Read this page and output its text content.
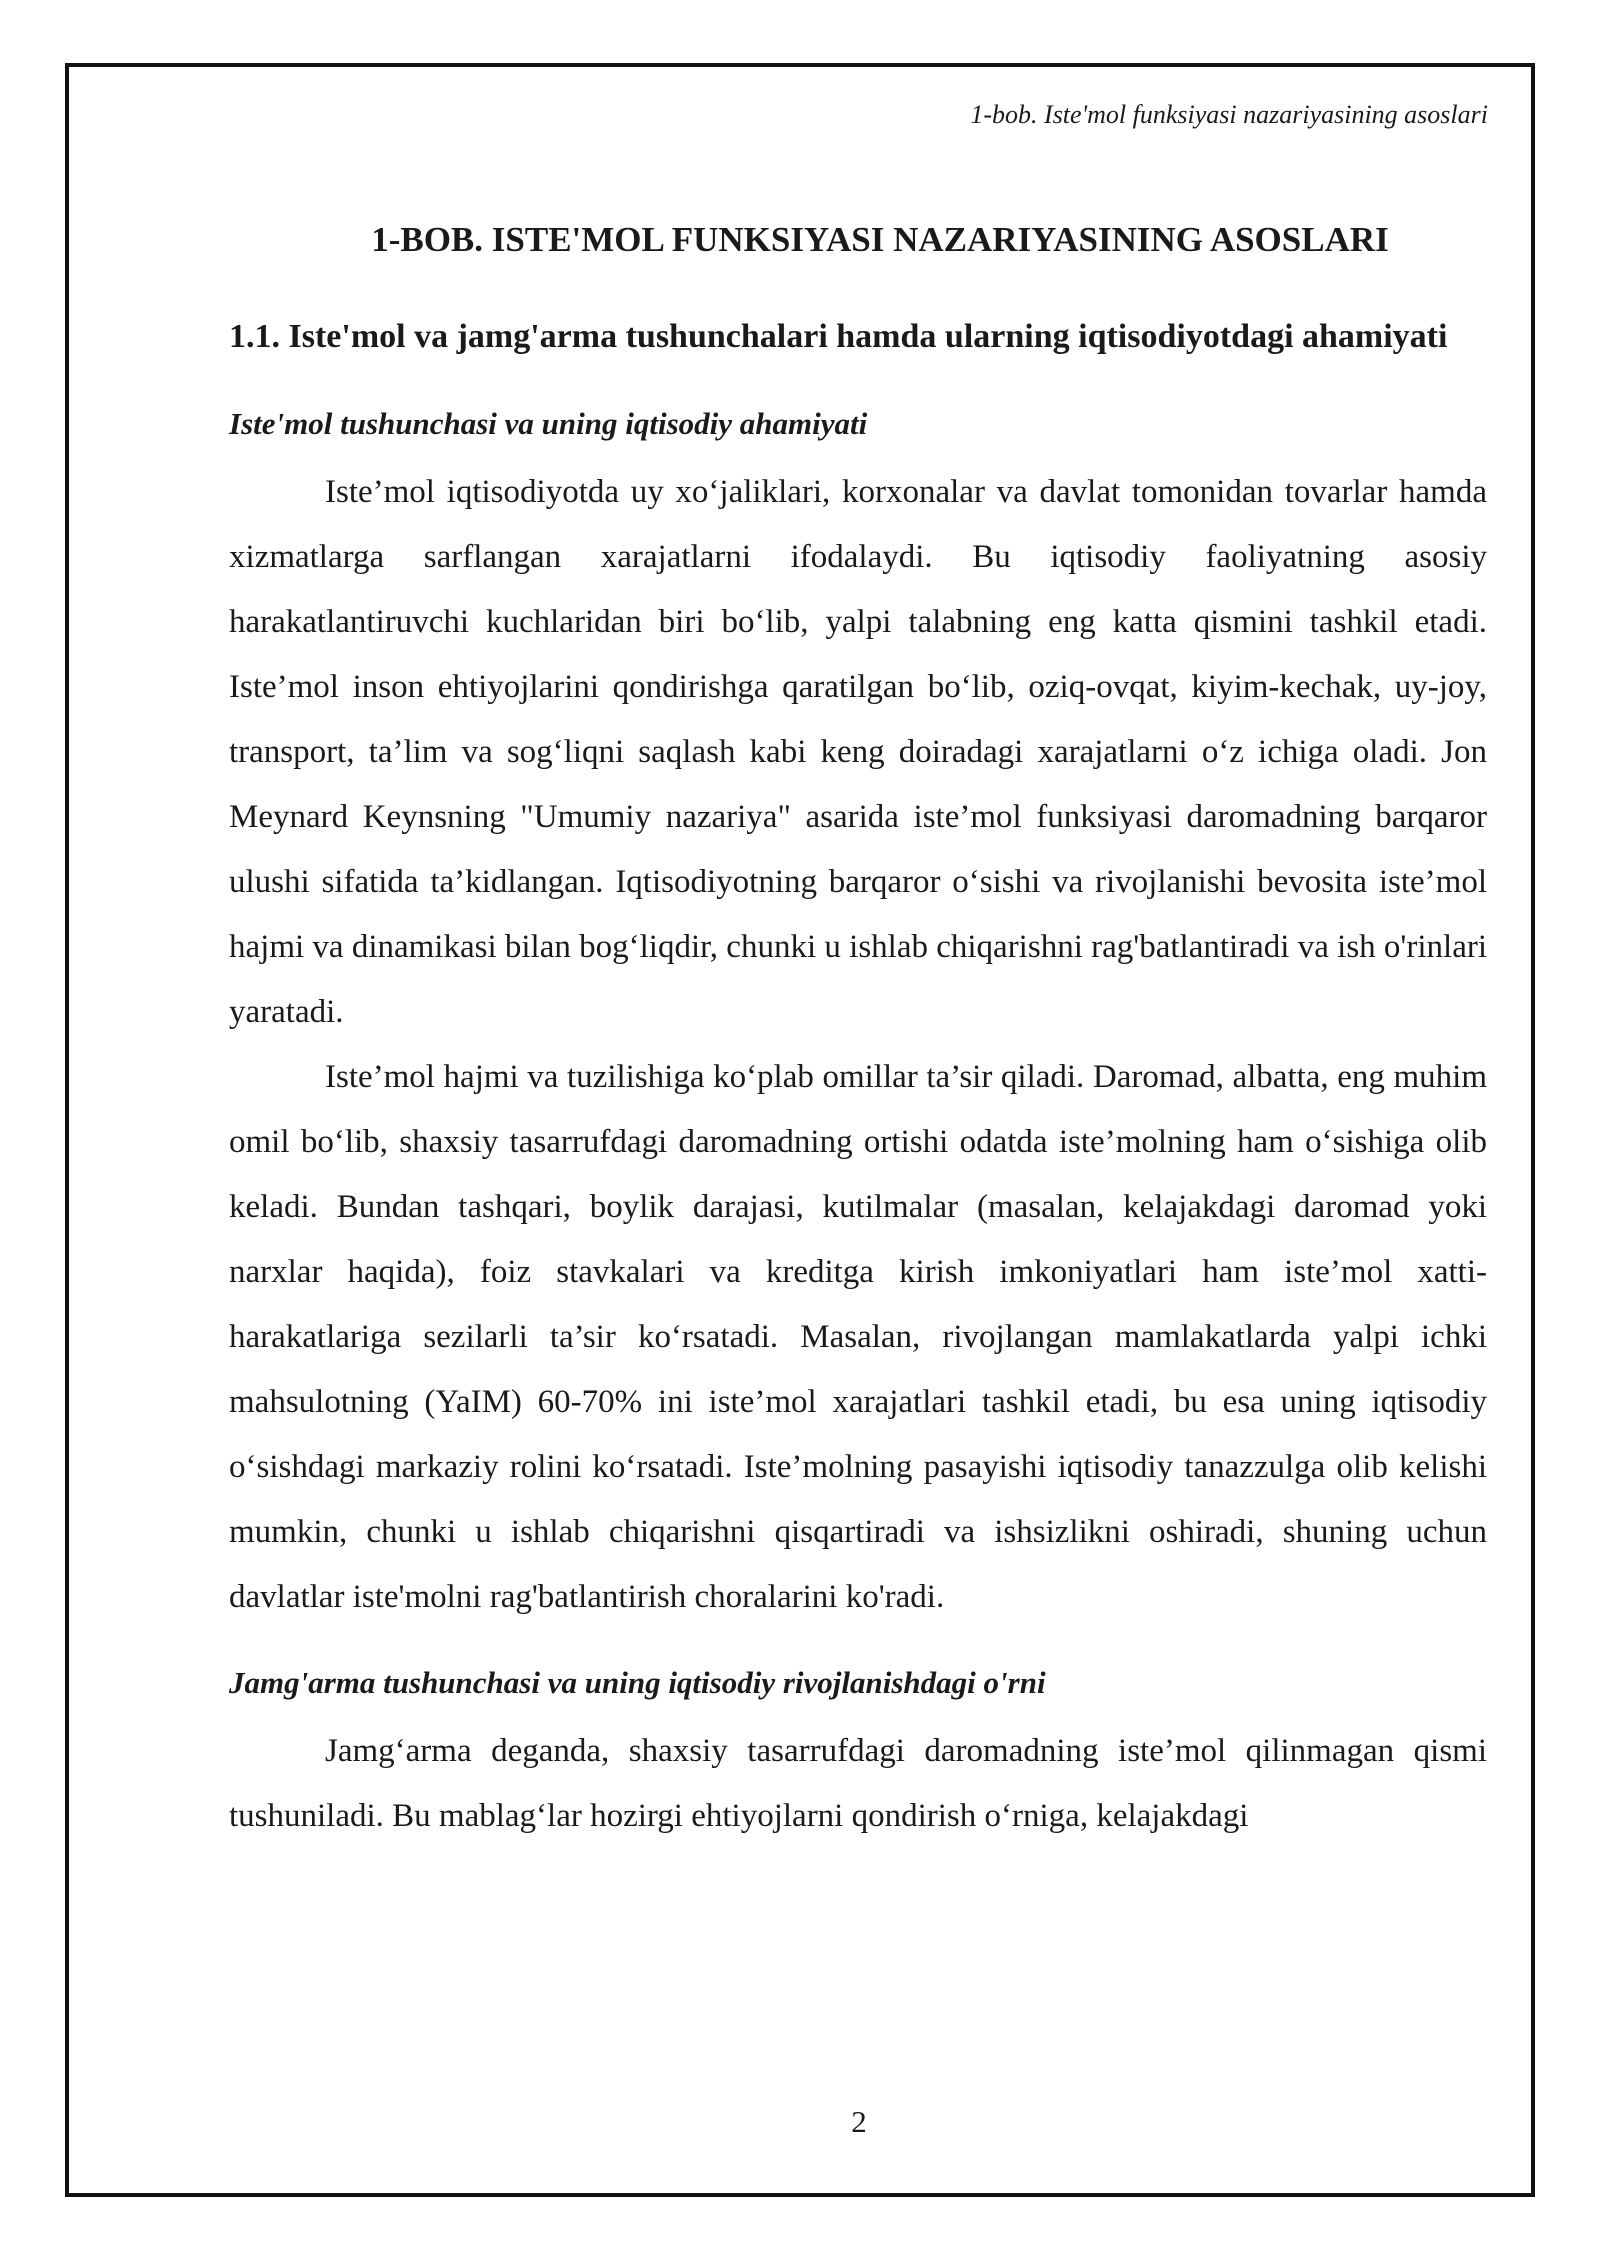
1-bob. Iste'mol funksiyasi nazariyasining asoslari
1-BOB. ISTE'MOL FUNKSIYASI NAZARIYASINING ASOSLARI
1.1. Iste'mol va jamg'arma tushunchalari hamda ularning iqtisodiyotdagi ahamiyati
Iste'mol tushunchasi va uning iqtisodiy ahamiyati

Iste’mol iqtisodiyotda uy xo‘jaliklari, korxonalar va davlat tomonidan tovarlar hamda xizmatlarga sarflangan xarajatlarni ifodalaydi. Bu iqtisodiy faoliyatning asosiy harakatlantiruvchi kuchlaridan biri bo‘lib, yalpi talabning eng katta qismini tashkil etadi. Iste’mol inson ehtiyojlarini qondirishga qaratilgan bo‘lib, oziq-ovqat, kiyim-kechak, uy-joy, transport, ta’lim va sog‘liqni saqlash kabi keng doiradagi xarajatlarni o‘z ichiga oladi. Jon Meynard Keynsning "Umumiy nazariya" asarida iste’mol funksiyasi daromadning barqaror ulushi sifatida ta’kidlangan. Iqtisodiyotning barqaror o‘sishi va rivojlanishi bevosita iste’mol hajmi va dinamikasi bilan bog‘liqdir, chunki u ishlab chiqarishni rag'batlantiradi va ish o'rinlari yaratadi.

Iste’mol hajmi va tuzilishiga ko‘plab omillar ta’sir qiladi. Daromad, albatta, eng muhim omil bo‘lib, shaxsiy tasarrufdagi daromadning ortishi odatda iste’molning ham o‘sishiga olib keladi. Bundan tashqari, boylik darajasi, kutilmalar (masalan, kelajakdagi daromad yoki narxlar haqida), foiz stavkalari va kreditga kirish imkoniyatlari ham iste’mol xatti-harakatlariga sezilarli ta’sir ko‘rsatadi. Masalan, rivojlangan mamlakatlarda yalpi ichki mahsulotning (YaIM) 60-70% ini iste’mol xarajatlari tashkil etadi, bu esa uning iqtisodiy o‘sishdagi markaziy rolini ko‘rsatadi. Iste’molning pasayishi iqtisodiy tanazzulga olib kelishi mumkin, chunki u ishlab chiqarishni qisqartiradi va ishsizlikni oshiradi, shuning uchun davlatlar iste'molni rag'batlantirish choralarini ko'radi.

Jamg'arma tushunchasi va uning iqtisodiy rivojlanishdagi o'rni

Jamg‘arma deganda, shaxsiy tasarrufdagi daromadning iste’mol qilinmagan qismi tushuniladi. Bu mablag‘lar hozirgi ehtiyojlarni qondirish o‘rniga, kelajakdagi

2
